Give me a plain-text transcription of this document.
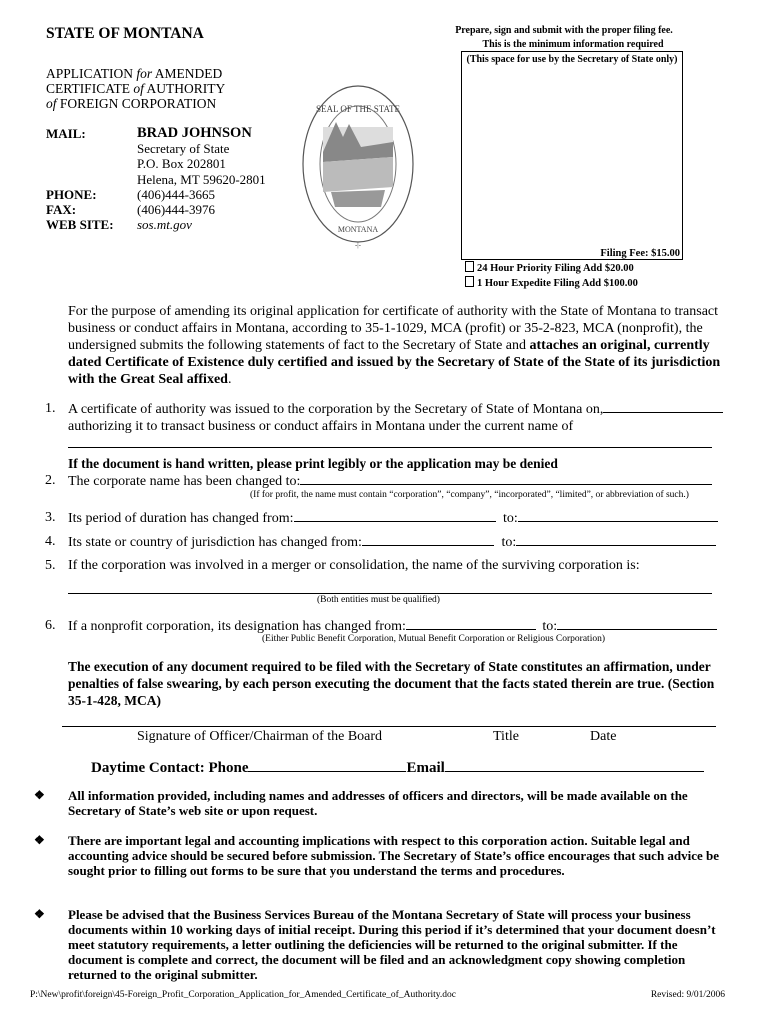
STATE OF MONTANA
APPLICATION for AMENDED
CERTIFICATE of AUTHORITY
of FOREIGN CORPORATION
MAIL:	BRAD JOHNSON
Secretary of State
P.O. Box 202801
Helena, MT 59620-2801
PHONE:	(406)444-3665
FAX:	(406)444-3976
WEB SITE:	sos.mt.gov
SEAL OF THE STATE
MONTANA
-|-
Prepare, sign and submit with the proper filing fee.
This is the minimum information required
(This space for use by the Secretary of State only)
Filing Fee: $15.00
24 Hour Priority Filing Add $20.00
1 Hour Expedite Filing Add $100.00
For the purpose of amending its original application for certificate of authority with the State of Montana to transact business or conduct affairs in Montana, according to 35-1-1029, MCA (profit) or 35-2-823, MCA (nonprofit), the undersigned submits the following statements of fact to the Secretary of State and attaches an original, currently dated Certificate of Existence duly certified and issued by the Secretary of State of the State of its jurisdiction with the Great Seal affixed.
1. A certificate of authority was issued to the corporation by the Secretary of State of Montana on,
authorizing it to transact business or conduct affairs in Montana under the current name of
If the document is hand written, please print legibly or the application may be denied
2. The corporate name has been changed to:
(If for profit, the name must contain “corporation”, “company”, “incorporated”, “limited”, or abbreviation of such.)
3. Its period of duration has changed from:	to:
4. Its state or country of jurisdiction has changed from:	to:
5. If the corporation was involved in a merger or consolidation, the name of the surviving corporation is:
(Both entities must be qualified)
6. If a nonprofit corporation, its designation has changed from:	to:
(Either Public Benefit Corporation, Mutual Benefit Corporation or Religious Corporation)
The execution of any document required to be filed with the Secretary of State constitutes an affirmation, under penalties of false swearing, by each person executing the document that the facts stated therein are true. (Section 35-1-428, MCA)
Signature of Officer/Chairman of the Board	Title	Date
Daytime Contact: Phone	Email
❖ All information provided, including names and addresses of officers and directors, will be made available on the Secretary of State’s web site or upon request.
❖ There are important legal and accounting implications with respect to this corporation action. Suitable legal and accounting advice should be secured before submission. The Secretary of State’s office encourages that such advice be sought prior to filling out forms to be sure that you understand the terms and procedures.
❖ Please be advised that the Business Services Bureau of the Montana Secretary of State will process your business documents within 10 working days of initial receipt. During this period if it’s determined that your document doesn’t meet statutory requirements, a letter outlining the deficiencies will be returned to the original submitter. If the document is complete and correct, the document will be filed and an acknowledgment copy showing completion returned to the original submitter.
P:\New\profit\foreign\45-Foreign_Profit_Corporation_Application_for_Amended_Certificate_of_Authority.doc	Revised: 9/01/2006
